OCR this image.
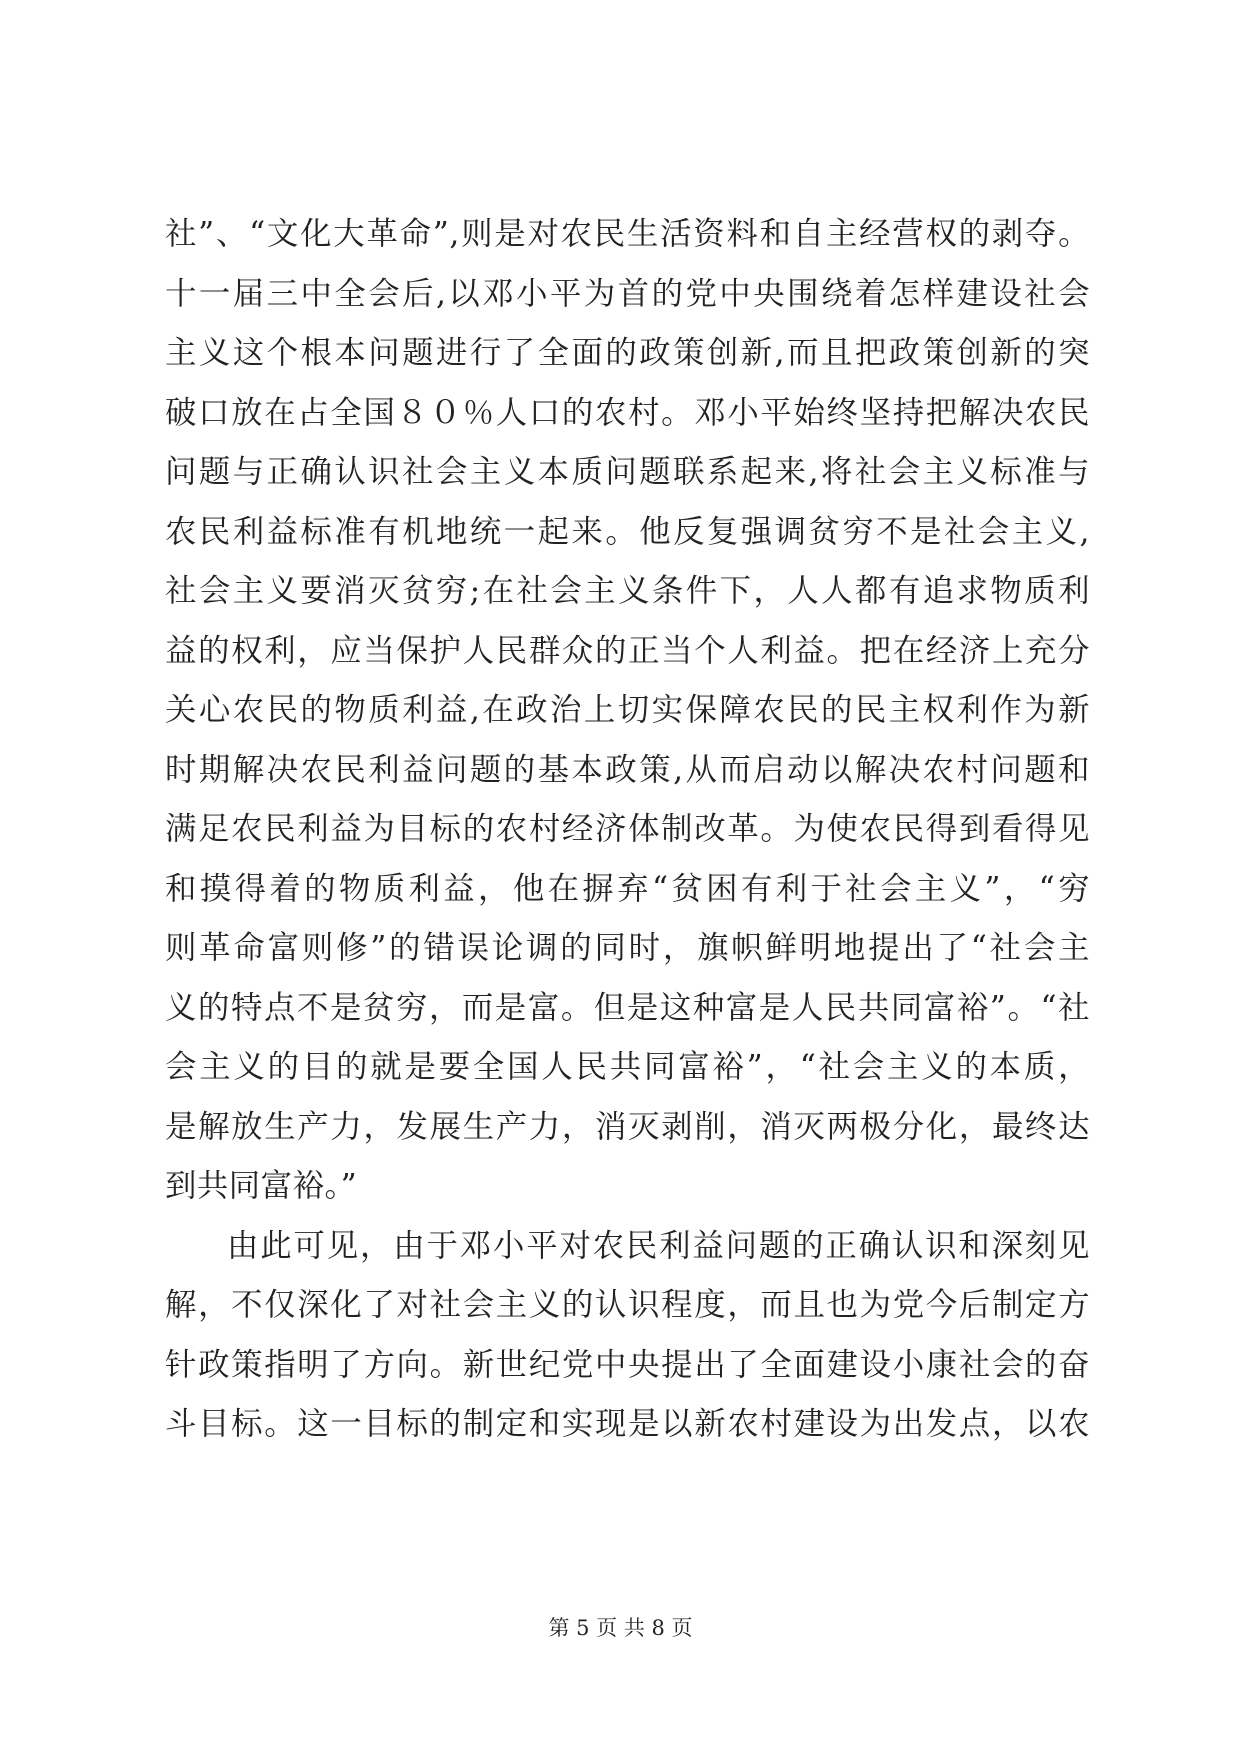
社”、“文化大革命”,则是对农民生活资料和自主经营权的剥夺。
十一届三中全会后,以邓小平为首的党中央围绕着怎样建设社会
主义这个根本问题进行了全面的政策创新,而且把政策创新的突
破口放在占全国８０％人口的农村。邓小平始终坚持把解决农民
问题与正确认识社会主义本质问题联系起来,将社会主义标准与
农民利益标准有机地统一起来。他反复强调贫穷不是社会主义,
社会主义要消灭贫穷;在社会主义条件下，人人都有追求物质利
益的权利，应当保护人民群众的正当个人利益。把在经济上充分
关心农民的物质利益,在政治上切实保障农民的民主权利作为新
时期解决农民利益问题的基本政策,从而启动以解决农村问题和
满足农民利益为目标的农村经济体制改革。为使农民得到看得见
和摸得着的物质利益，他在摒弃“贫困有利于社会主义”，“穷
则革命富则修”的错误论调的同时，旗帜鲜明地提出了“社会主
义的特点不是贫穷，而是富。但是这种富是人民共同富裕”。“社
会主义的目的就是要全国人民共同富裕”，“社会主义的本质，
是解放生产力，发展生产力，消灭剥削，消灭两极分化，最终达
到共同富裕。”
由此可见，由于邓小平对农民利益问题的正确认识和深刻见
解，不仅深化了对社会主义的认识程度，而且也为党今后制定方
针政策指明了方向。新世纪党中央提出了全面建设小康社会的奋
斗目标。这一目标的制定和实现是以新农村建设为出发点，以农
第 5 页 共 8 页
